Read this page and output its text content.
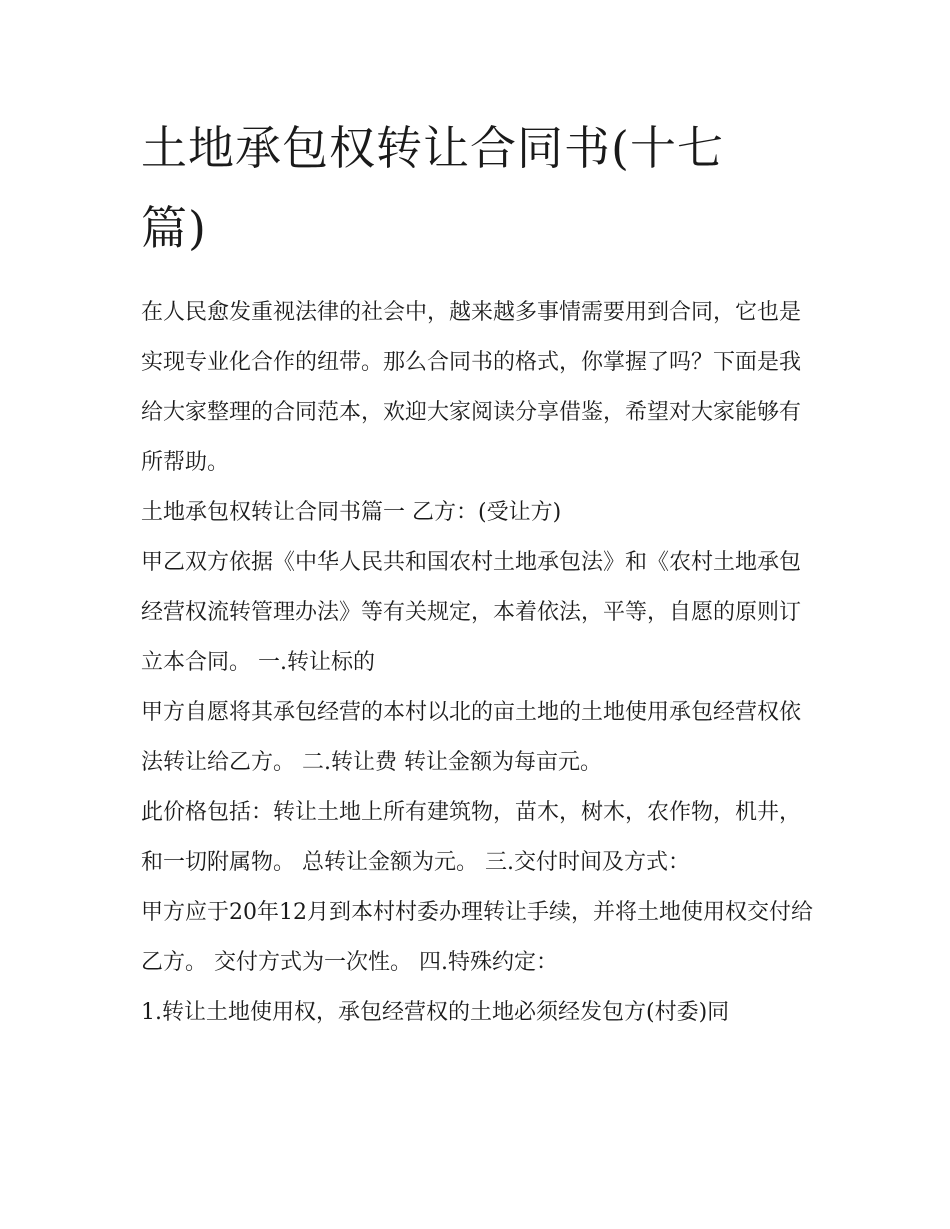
土地承包权转让合同书(十七篇)

在人民愈发重视法律的社会中，越来越多事情需要用到合同，它也是实现专业化合作的纽带。那么合同书的格式，你掌握了吗？下面是我给大家整理的合同范本，欢迎大家阅读分享借鉴，希望对大家能够有所帮助。

土地承包权转让合同书篇一 乙方：(受让方)

甲乙双方依据《中华人民共和国农村土地承包法》和《农村土地承包经营权流转管理办法》等有关规定，本着依法，平等，自愿的原则订立本合同。 一.转让标的

甲方自愿将其承包经营的本村以北的亩土地的土地使用承包经营权依法转让给乙方。 二.转让费 转让金额为每亩元。

此价格包括：转让土地上所有建筑物，苗木，树木，农作物，机井，和一切附属物。 总转让金额为元。 三.交付时间及方式：

甲方应于20年12月到本村村委办理转让手续，并将土地使用权交付给乙方。 交付方式为一次性。 四.特殊约定：

1.转让土地使用权，承包经营权的土地必须经发包方(村委)同
